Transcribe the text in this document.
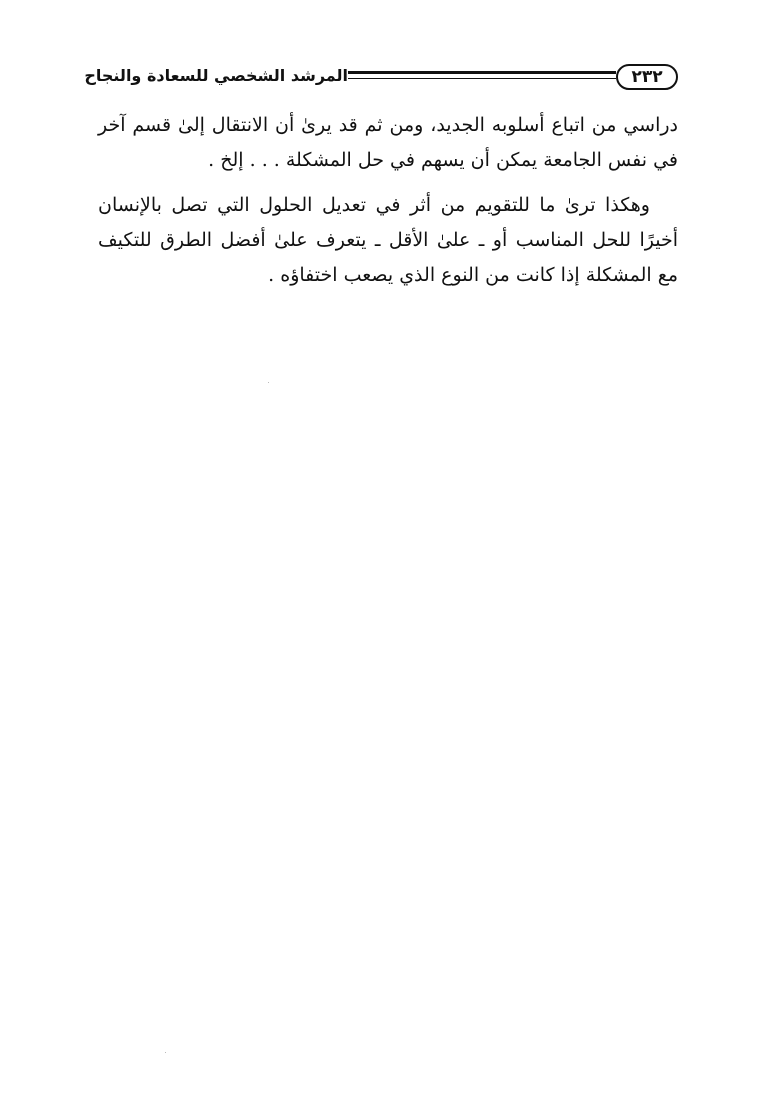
٢٣٢
المرشد الشخصي للسعادة والنجاح
دراسي من اتباع أسلوبه الجديد، ومن ثم قد يرىٰ أن الانتقال إلىٰ قسم آخر
في نفس الجامعة يمكن أن يسهم في حل المشكلة . . . إلخ .
وهكذا ترىٰ ما للتقويم من أثر في تعديل الحلول التي تصل بالإنسان
أخيرًا للحل المناسب أو ـ علىٰ الأقل ـ يتعرف علىٰ أفضل الطرق للتكيف
مع المشكلة إذا كانت من النوع الذي يصعب اختفاؤه .
